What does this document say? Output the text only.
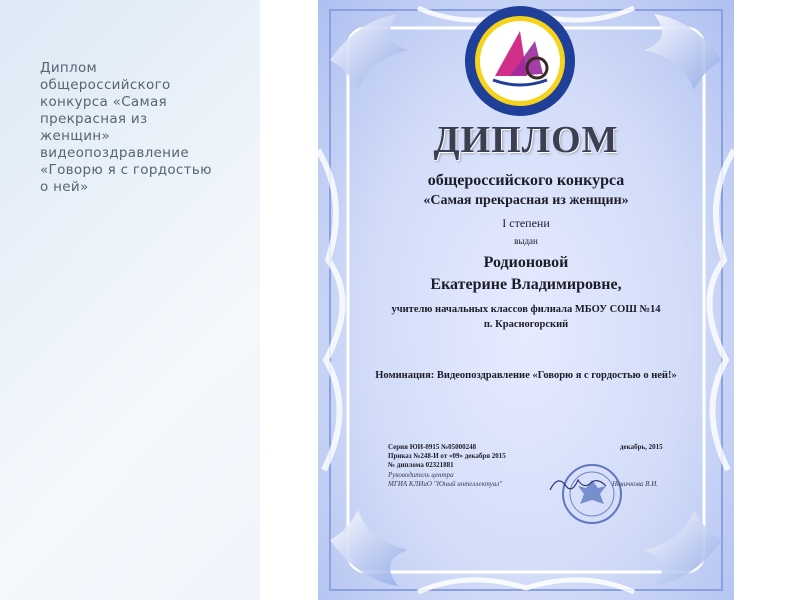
Диплом
общероссийского
конкурса «Самая
прекрасная из
женщин»
видеопоздравление
«Говорю я с гордостью
о ней»
ДИПЛОМ
общероссийского конкурса
«Самая прекрасная из женщин»
I степени
выдан
Родионовой
Екатерине Владимировне,
учителю начальных классов филиала МБОУ СОШ №14
п. Красногорский
Номинация: Видеопоздравление «Говорю я с гордостью о ней!»
Серия ЮИ-0915 №05000248
Приказ №248-И от «09» декабря 2015
№ диплома 02321881
декабрь, 2015
Руководитель центра
МГИА КЛИиО "Юный интеллектуал"	Новичкова В.И.
